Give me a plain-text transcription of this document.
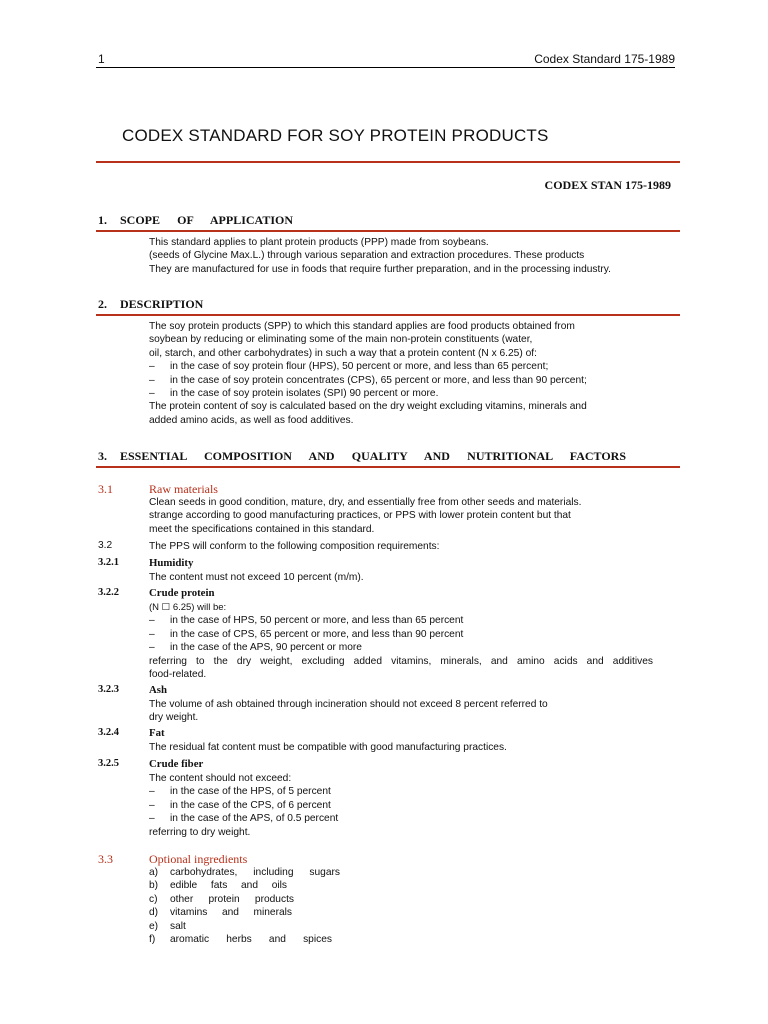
1	Codex Standard 175-1989
CODEX STANDARD FOR SOY PROTEIN PRODUCTS
CODEX STAN 175-1989
1.	SCOPE OF APPLICATION
This standard applies to plant protein products (PPP) made from soybeans.
(seeds of Glycine Max.L.) through various separation and extraction procedures. These products
They are manufactured for use in foods that require further preparation, and in the processing industry.
2.	DESCRIPTION
The soy protein products (SPP) to which this standard applies are food products obtained from
soybean by reducing or eliminating some of the main non-protein constituents (water,
oil, starch, and other carbohydrates) in such a way that a protein content (N x 6.25) of:
–	in the case of soy protein flour (HPS), 50 percent or more, and less than 65 percent;
–	in the case of soy protein concentrates (CPS), 65 percent or more, and less than 90 percent;
–	in the case of soy protein isolates (SPI) 90 percent or more.
The protein content of soy is calculated based on the dry weight excluding vitamins, minerals and
added amino acids, as well as food additives.
3.	ESSENTIAL COMPOSITION AND QUALITY AND NUTRITIONAL FACTORS
3.1	Raw materials
Clean seeds in good condition, mature, dry, and essentially free from other seeds and materials.
strange according to good manufacturing practices, or PPS with lower protein content but that
meet the specifications contained in this standard.
3.2	The PPS will conform to the following composition requirements:
3.2.1	Humidity
The content must not exceed 10 percent (m/m).
3.2.2	Crude protein
(N ☐ 6.25) will be:
–	in the case of HPS, 50 percent or more, and less than 65 percent
–	in the case of CPS, 65 percent or more, and less than 90 percent
–	in the case of the APS, 90 percent or more
referring to the dry weight, excluding added vitamins, minerals, and amino acids and additives
food-related.
3.2.3	Ash
The volume of ash obtained through incineration should not exceed 8 percent referred to
dry weight.
3.2.4	Fat
The residual fat content must be compatible with good manufacturing practices.
3.2.5	Crude fiber
The content should not exceed:
–	in the case of the HPS, of 5 percent
–	in the case of the CPS, of 6 percent
–	in the case of the APS, of 0.5 percent
referring to dry weight.
3.3	Optional ingredients
a)	carbohydrates, including sugars
b)	edible fats and oils
c)	other protein products
d)	vitamins and minerals
e)	salt
f)	aromatic herbs and spices
